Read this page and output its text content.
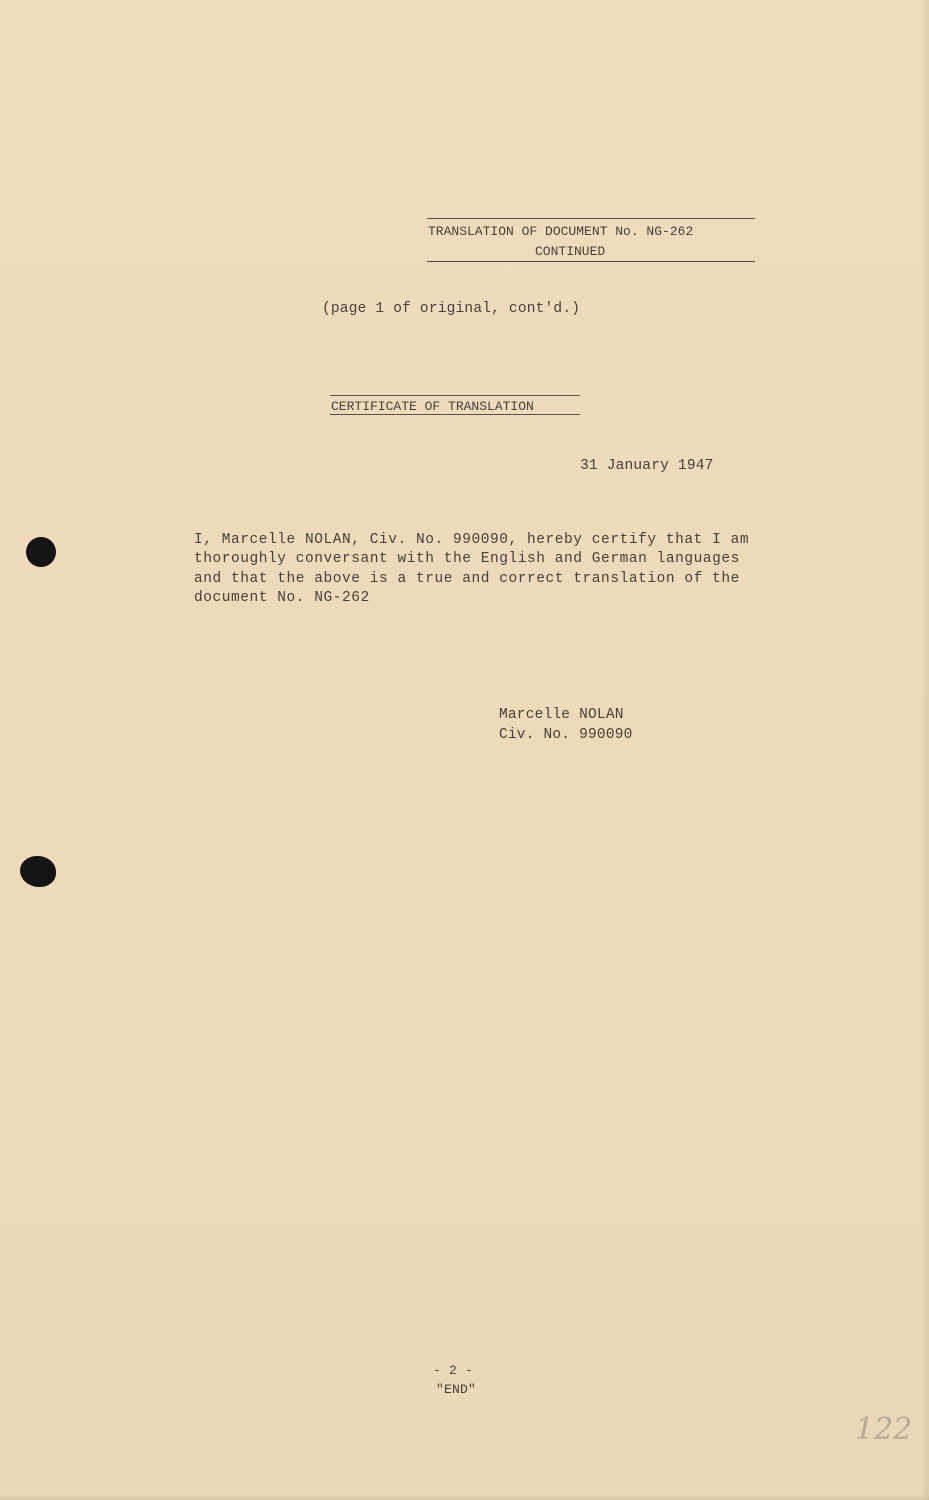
TRANSLATION OF DOCUMENT No. NG-262
CONTINUED
(page 1 of original, cont'd.)
CERTIFICATE OF TRANSLATION
31 January 1947
I, Marcelle NOLAN, Civ. No. 990090, hereby certify that I am
thoroughly conversant with the English and German languages
and that the above is a true and correct translation of the
document No. NG-262
Marcelle NOLAN
Civ. No. 990090
- 2 -
"END"
122
